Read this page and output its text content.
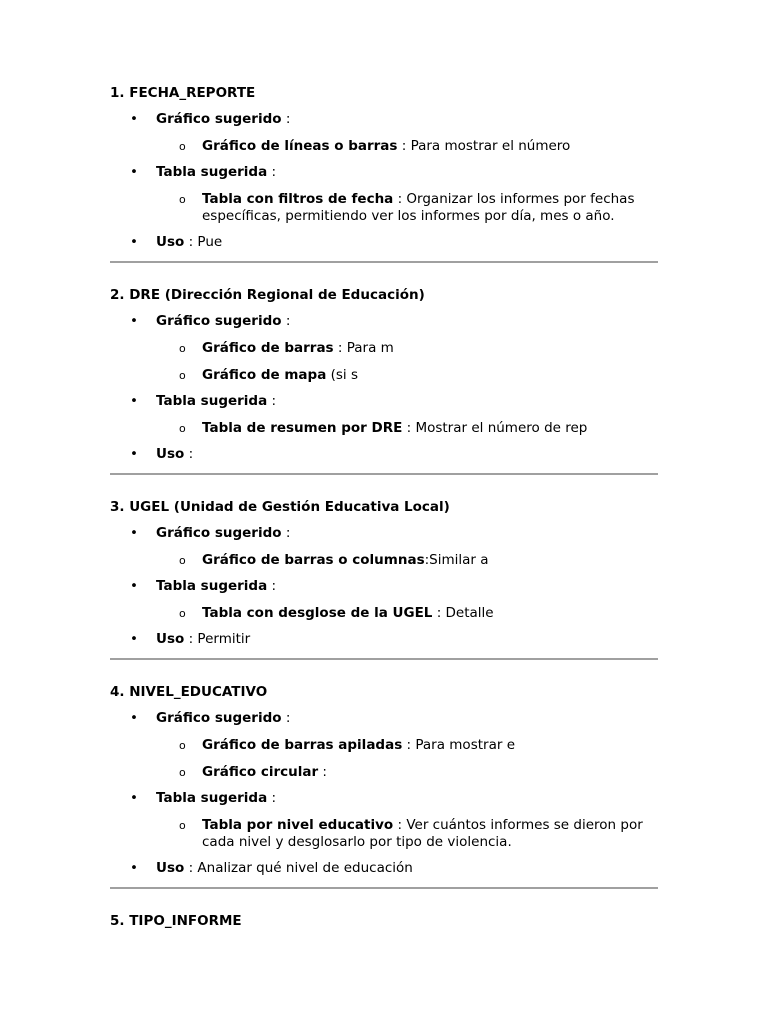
1. FECHA_REPORTE
• Gráfico sugerido :
o Gráfico de líneas o barras : Para mostrar el número
• Tabla sugerida :
o Tabla con filtros de fecha : Organizar los informes por fechas específicas, permitiendo ver los informes por día, mes o año.
• Uso : Pue
2. DRE (Dirección Regional de Educación)
• Gráfico sugerido :
o Gráfico de barras : Para m
o Gráfico de mapa (si s
• Tabla sugerida :
o Tabla de resumen por DRE : Mostrar el número de rep
• Uso :
3. UGEL (Unidad de Gestión Educativa Local)
• Gráfico sugerido :
o Gráfico de barras o columnas:Similar a
• Tabla sugerida :
o Tabla con desglose de la UGEL : Detalle
• Uso : Permitir
4. NIVEL_EDUCATIVO
• Gráfico sugerido :
o Gráfico de barras apiladas : Para mostrar e
o Gráfico circular :
• Tabla sugerida :
o Tabla por nivel educativo : Ver cuántos informes se dieron por cada nivel y desglosarlo por tipo de violencia.
• Uso : Analizar qué nivel de educación
5. TIPO_INFORME
